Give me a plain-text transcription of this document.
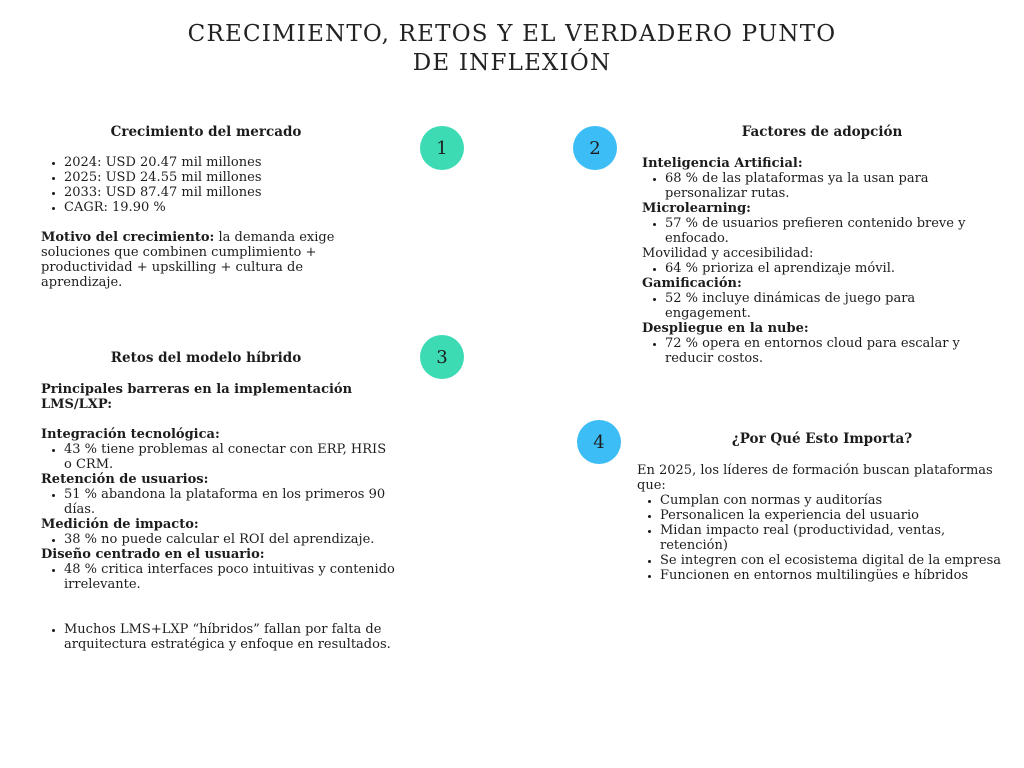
CRECIMIENTO, RETOS Y EL VERDADERO PUNTO
DE INFLEXIÓN
1	2
3
4
Crecimiento del mercado
• 2024: USD 20.47 mil millones
• 2025: USD 24.55 mil millones
• 2033: USD 87.47 mil millones
• CAGR: 19.90 %

Motivo del crecimiento: la demanda exige soluciones que combinen cumplimiento + productividad + upskilling + cultura de aprendizaje.

Factores de adopción

Inteligencia Artificial:

• 68 % de las plataformas ya la usan para personalizar rutas.

Microlearning:

• 57 % de usuarios prefieren contenido breve y enfocado.

Movilidad y accesibilidad:

• 64 % prioriza el aprendizaje móvil.

Gamificación:

• 52 % incluye dinámicas de juego para engagement.

Despliegue en la nube:

• 72 % opera en entornos cloud para escalar y reducir costos.
Retos del modelo híbrido

Principales barreras en la implementación LMS/LXP:

Integración tecnológica:

• 43 % tiene problemas al conectar con ERP, HRIS o CRM.

Retención de usuarios:

• 51 % abandona la plataforma en los primeros 90 días.

Medición de impacto:

• 38 % no puede calcular el ROI del aprendizaje.

Diseño centrado en el usuario:

• 48 % critica interfaces poco intuitivas y contenido irrelevante.
• Muchos LMS+LXP “híbridos” fallan por falta de arquitectura estratégica y enfoque en resultados.
¿Por Qué Esto Importa?

En 2025, los líderes de formación buscan plataformas que:

• Cumplan con normas y auditorías
• Personalicen la experiencia del usuario
• Midan impacto real (productividad, ventas, retención)
• Se integren con el ecosistema digital de la empresa
• Funcionen en entornos multilingües e híbridos
